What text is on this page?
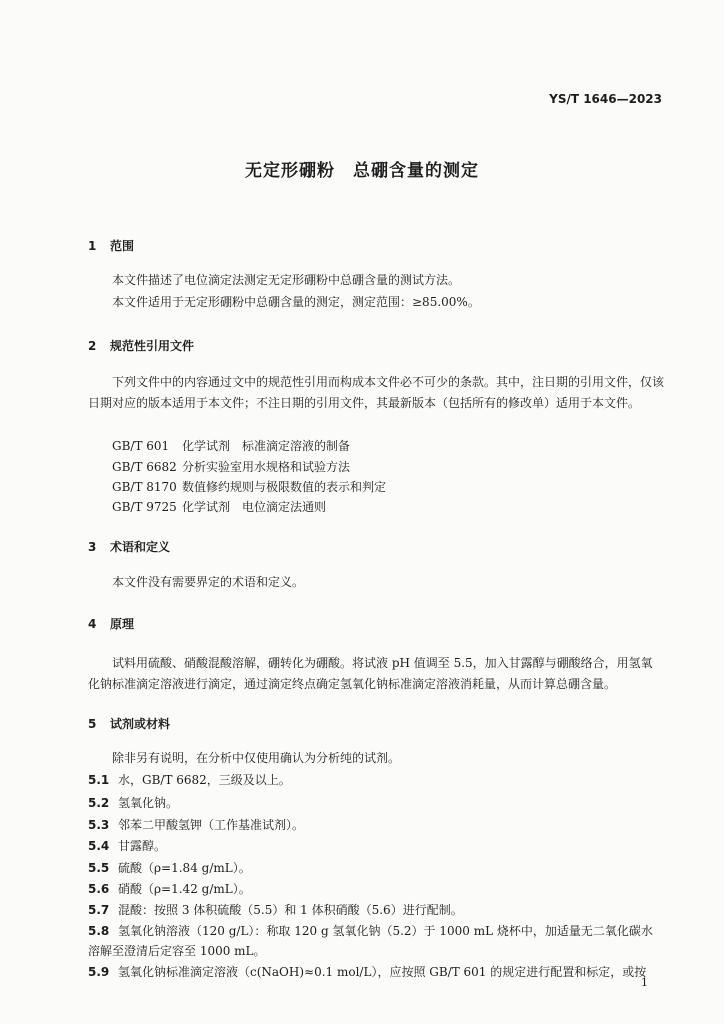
YS/T 1646—2023
无定形硼粉　总硼含量的测定
1 范围
本文件描述了电位滴定法测定无定形硼粉中总硼含量的测试方法。
本文件适用于无定形硼粉中总硼含量的测定，测定范围：≥85.00%。
2 规范性引用文件
下列文件中的内容通过文中的规范性引用而构成本文件必不可少的条款。其中，注日期的引用文件，仅该日期对应的版本适用于本文件；不注日期的引用文件，其最新版本（包括所有的修改单）适用于本文件。
GB/T 601 化学试剂　标准滴定溶液的制备
GB/T 6682 分析实验室用水规格和试验方法
GB/T 8170 数值修约规则与极限数值的表示和判定
GB/T 9725 化学试剂　电位滴定法通则
3 术语和定义
本文件没有需要界定的术语和定义。
4 原理
试料用硫酸、硝酸混酸溶解，硼转化为硼酸。将试液 pH 值调至 5.5，加入甘露醇与硼酸络合，用氢氧化钠标准滴定溶液进行滴定，通过滴定终点确定氢氧化钠标准滴定溶液消耗量，从而计算总硼含量。
5 试剂或材料
除非另有说明，在分析中仅使用确认为分析纯的试剂。
5.1 水，GB/T 6682，三级及以上。
5.2 氢氧化钠。
5.3 邻苯二甲酸氢钾（工作基准试剂）。
5.4 甘露醇。
5.5 硫酸（ρ=1.84 g/mL）。
5.6 硝酸（ρ=1.42 g/mL）。
5.7 混酸：按照 3 体积硫酸（5.5）和 1 体积硝酸（5.6）进行配制。
5.8 氢氧化钠溶液（120 g/L）：称取 120 g 氢氧化钠（5.2）于 1000 mL 烧杯中，加适量无二氧化碳水溶解至澄清后定容至 1000 mL。
5.9 氢氧化钠标准滴定溶液（c(NaOH)≈0.1 mol/L），应按照 GB/T 601 的规定进行配置和标定，或按
1
